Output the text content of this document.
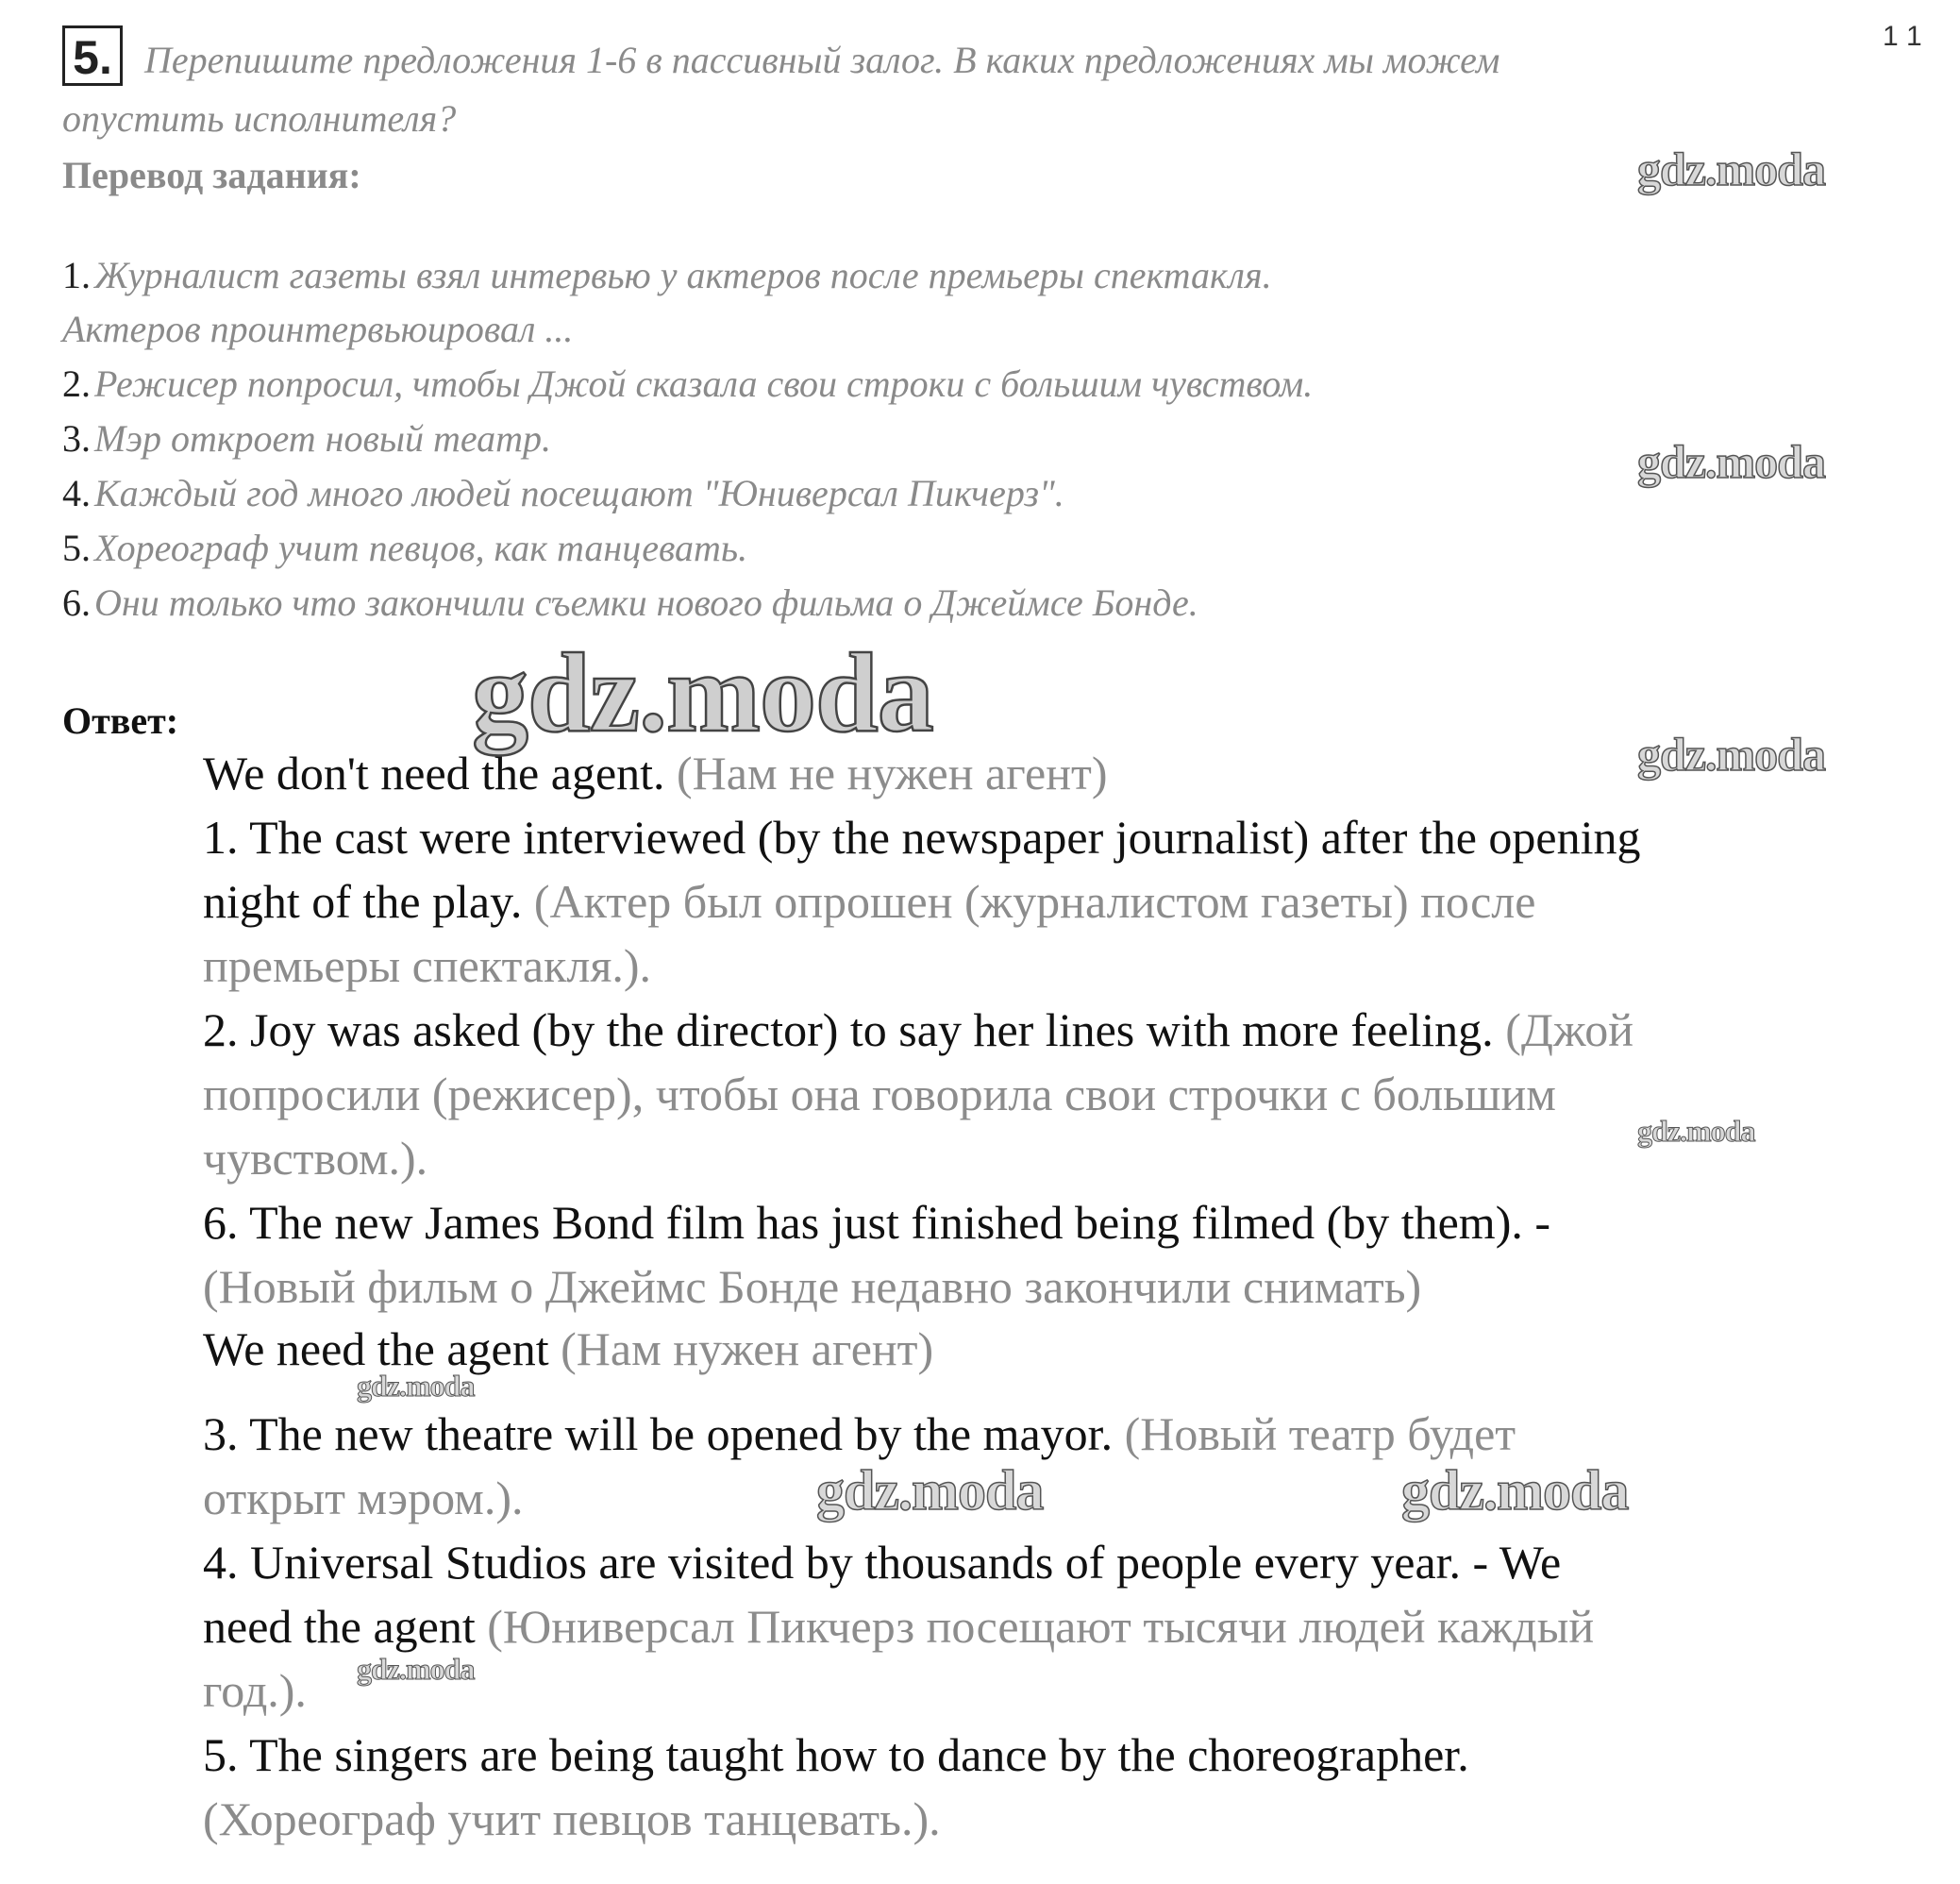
5. Перепишите предложения 1-6 в пассивный залог. В каких предложениях мы можем
1 1
опустить исполнителя?
Перевод задания:
1. Журналист газеты взял интервью у актеров после премьеры спектакля.
Актеров проинтервьюировал ...
2. Режисер попросил, чтобы Джой сказала свои строки с большим чувством.
3. Мэр откроет новый театр.
4. Каждый год много людей посещают "Юниверсал Пикчерз".
5. Хореограф учит певцов, как танцевать.
6. Они только что закончили съемки нового фильма о Джеймсе Бонде.
Ответ:
We don't need the agent. (Нам не нужен агент)
1. The cast were interviewed (by the newspaper journalist) after the opening
night of the play. (Актер был опрошен (журналистом газеты) после
премьеры спектакля.).
2. Joy was asked (by the director) to say her lines with more feeling. (Джой
попросили (режисер), чтобы она говорила свои строчки с большим
чувством.).
6. The new James Bond film has just finished being filmed (by them). -
(Новый фильм о Джеймс Бонде недавно закончили снимать)
We need the agent (Нам нужен агент)
3. The new theatre will be opened by the mayor. (Новый театр будет
открыт мэром.).
4. Universal Studios are visited by thousands of people every year. - We
need the agent (Юниверсал Пикчерз посещают тысячи людей каждый
год.).
5. The singers are being taught how to dance by the choreographer.
(Хореограф учит певцов танцевать.).
gdz.moda
gdz.moda
gdz.moda	gdz.moda
gdz.moda
gdz.moda
gdz.moda	gdz.moda
gdz.moda
